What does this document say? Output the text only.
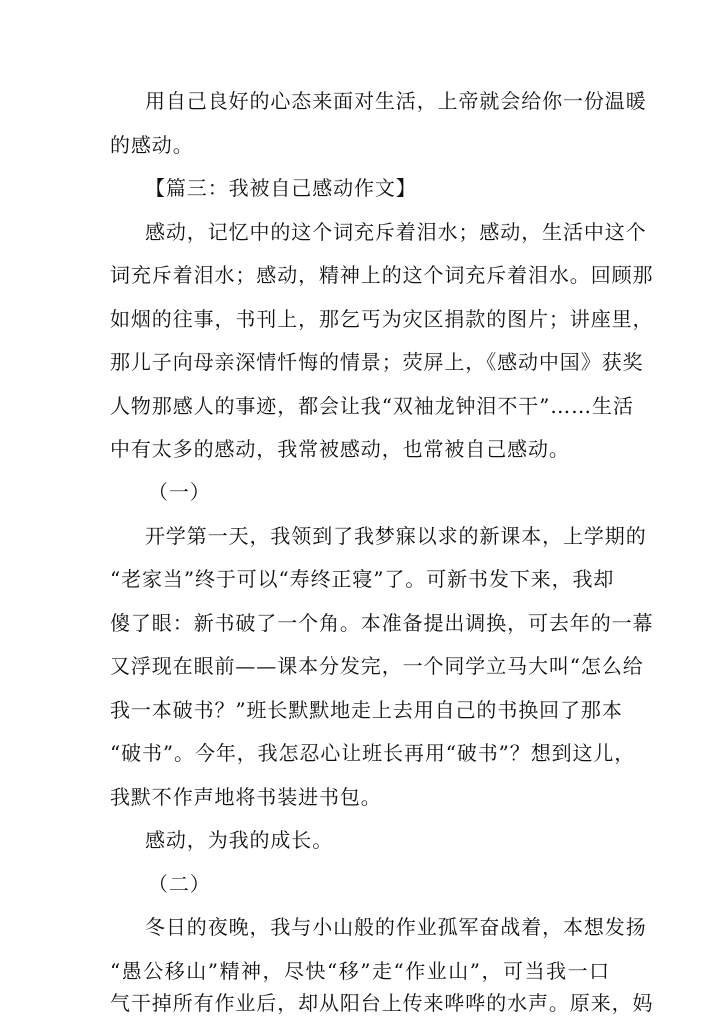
用自己良好的心态来面对生活，上帝就会给你一份温暖
的感动。
【篇三：我被自己感动作文】
感动，记忆中的这个词充斥着泪水；感动，生活中这个
词充斥着泪水；感动，精神上的这个词充斥着泪水。回顾那
如烟的往事，书刊上，那乞丐为灾区捐款的图片；讲座里，
那儿子向母亲深情忏悔的情景；荧屏上，《感动中国》获奖
人物那感人的事迹，都会让我“双袖龙钟泪不干”……生活
中有太多的感动，我常被感动，也常被自己感动。
（一）
开学第一天，我领到了我梦寐以求的新课本，上学期的
“老家当”终于可以“寿终正寝”了。可新书发下来，我却
傻了眼：新书破了一个角。本准备提出调换，可去年的一幕
又浮现在眼前——课本分发完，一个同学立马大叫“怎么给
我一本破书？”班长默默地走上去用自己的书换回了那本
“破书”。今年，我怎忍心让班长再用“破书”？想到这儿，
我默不作声地将书装进书包。
感动，为我的成长。
（二）
冬日的夜晚，我与小山般的作业孤军奋战着，本想发扬
“愚公移山”精神，尽快“移”走“作业山”，可当我一口
气干掉所有作业后，却从阳台上传来哗哗的水声。原来，妈
